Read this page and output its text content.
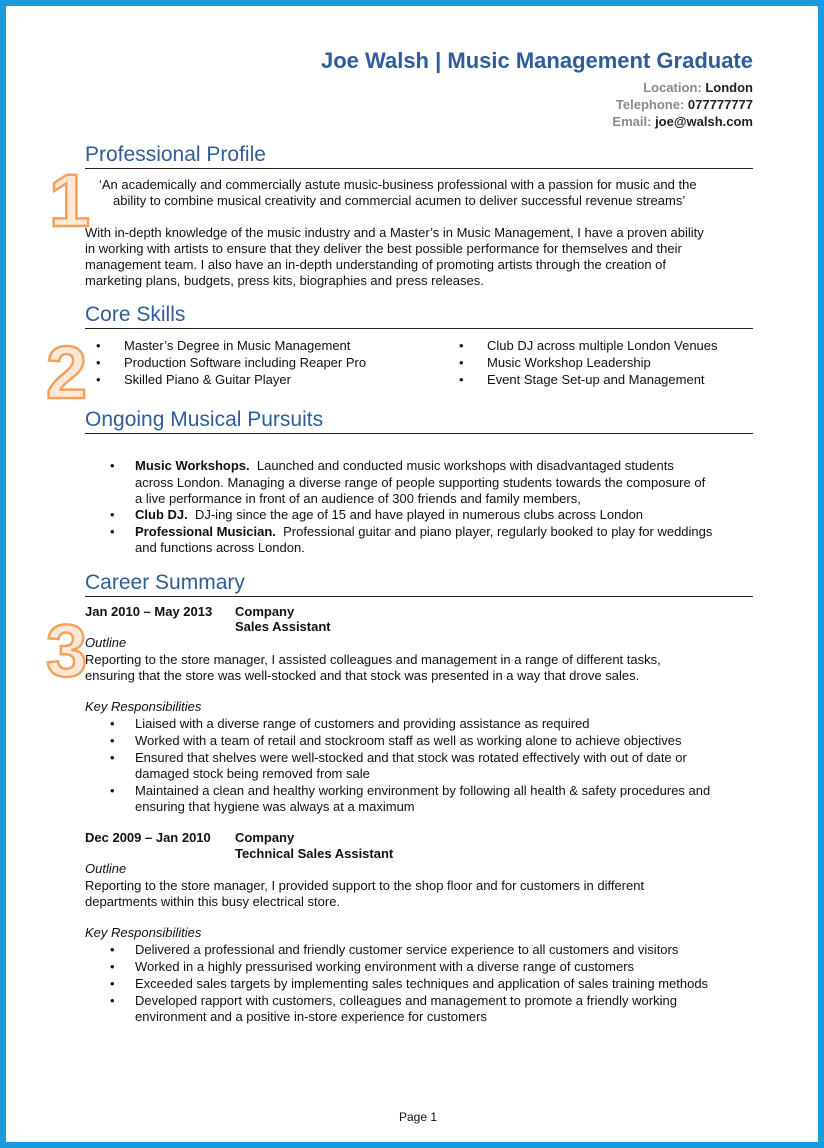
1
2
3
Joe Walsh | Music Management Graduate
Location: London
Telephone: 077777777
Email: joe@walsh.com
Professional Profile
‘An academically and commercially astute music-business professional with a passion for music and the
ability to combine musical creativity and commercial acumen to deliver successful revenue streams’
With in-depth knowledge of the music industry and a Master’s in Music Management, I have a proven ability
in working with artists to ensure that they deliver the best possible performance for themselves and their
management team. I also have an in-depth understanding of promoting artists through the creation of
marketing plans, budgets, press kits, biographies and press releases.
Core Skills
• Master’s Degree in Music Management
• Production Software including Reaper Pro
• Skilled Piano & Guitar Player
• Club DJ across multiple London Venues
• Music Workshop Leadership
• Event Stage Set-up and Management
Ongoing Musical Pursuits
• Music Workshops. Launched and conducted music workshops with disadvantaged students
across London. Managing a diverse range of people supporting students towards the composure of
a live performance in front of an audience of 300 friends and family members,
• Club DJ. DJ-ing since the age of 15 and have played in numerous clubs across London
• Professional Musician. Professional guitar and piano player, regularly booked to play for weddings
and functions across London.
Career Summary
Jan 2010 – May 2013 Company
Sales Assistant
Outline
Reporting to the store manager, I assisted colleagues and management in a range of different tasks,
ensuring that the store was well-stocked and that stock was presented in a way that drove sales.
Key Responsibilities
• Liaised with a diverse range of customers and providing assistance as required
• Worked with a team of retail and stockroom staff as well as working alone to achieve objectives
• Ensured that shelves were well-stocked and that stock was rotated effectively with out of date or
damaged stock being removed from sale
• Maintained a clean and healthy working environment by following all health & safety procedures and
ensuring that hygiene was always at a maximum
Dec 2009 – Jan 2010 Company
Technical Sales Assistant
Outline
Reporting to the store manager, I provided support to the shop floor and for customers in different
departments within this busy electrical store.
Key Responsibilities
• Delivered a professional and friendly customer service experience to all customers and visitors
• Worked in a highly pressurised working environment with a diverse range of customers
• Exceeded sales targets by implementing sales techniques and application of sales training methods
• Developed rapport with customers, colleagues and management to promote a friendly working
environment and a positive in-store experience for customers
Page 1
